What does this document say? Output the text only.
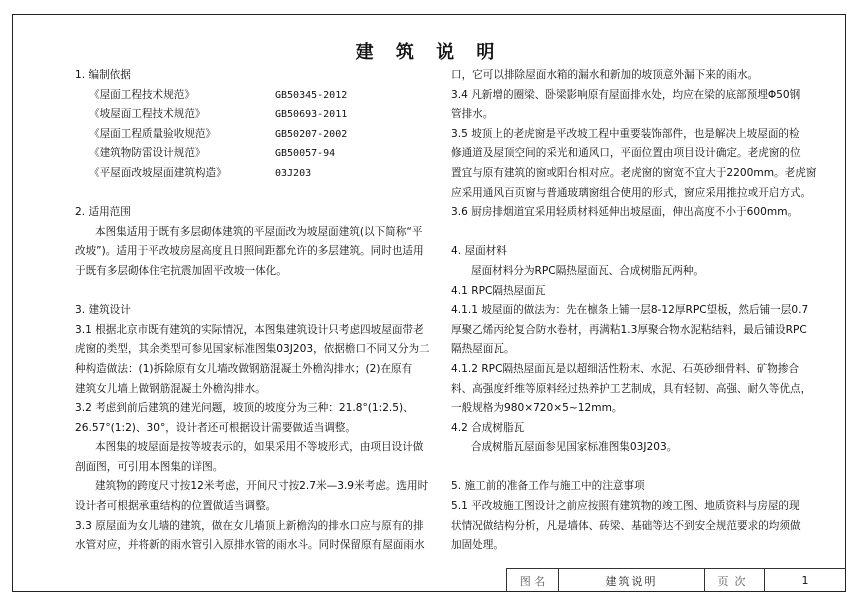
建 筑 说 明
1. 编制依据
《屋面工程技术规范》	GB50345-2012
《坡屋面工程技术规范》	GB50693-2011
《屋面工程质量验收规范》	GB50207-2002
《建筑物防雷设计规范》	GB50057-94
《平屋面改坡屋面建筑构造》	03J203
2. 适用范围
本图集适用于既有多层砌体建筑的平屋面改为坡屋面建筑(以下简称“平
改坡”)。适用于平改坡房屋高度且日照间距都允许的多层建筑。同时也适用
于既有多层砌体住宅抗震加固平改坡一体化。
3. 建筑设计
3.1 根据北京市既有建筑的实际情况，本图集建筑设计只考虑四坡屋面带老
虎窗的类型，其余类型可参见国家标准图集03J203，依据檐口不同又分为二
种构造做法：(1)拆除原有女儿墙改做钢筋混凝土外檐沟排水；(2)在原有
建筑女儿墙上做钢筋混凝土外檐沟排水。
3.2 考虑到前后建筑的建光问题，坡顶的坡度分为三种：21.8°(1:2.5)、
26.57°(1:2)、30°，设计者还可根据设计需要做适当调整。
本图集的坡屋面是按等坡表示的，如果采用不等坡形式，由项目设计做
剖面图，可引用本图集的详图。
建筑物的跨度尺寸按12米考虑，开间尺寸按2.7米—3.9米考虑。选用时
设计者可根据承重结构的位置做适当调整。
3.3 原屋面为女儿墙的建筑，做在女儿墙顶上新檐沟的排水口应与原有的排
水管对应，并将新的雨水管引入原排水管的雨水斗。同时保留原有屋面雨水
口，它可以排除屋面水箱的漏水和新加的坡顶意外漏下来的雨水。
3.4 凡新增的圈梁、卧梁影响原有屋面排水处，均应在梁的底部预埋Φ50钢
管排水。
3.5 坡顶上的老虎窗是平改坡工程中重要装饰部件，也是解决上坡屋面的检
修通道及屋顶空间的采光和通风口，平面位置由项目设计确定。老虎窗的位
置宜与原有建筑的窗或阳台相对应。老虎窗的窗宽不宜大于2200mm。老虎窗
应采用通风百页窗与普通玻璃窗组合使用的形式，窗应采用推拉或开启方式。
3.6 厨房排烟道宜采用轻质材料延伸出坡屋面，伸出高度不小于600mm。
4. 屋面材料
屋面材料分为RPC隔热屋面瓦、合成树脂瓦两种。
4.1 RPC隔热屋面瓦
4.1.1 坡屋面的做法为：先在檩条上铺一层8-12厚RPC望板，然后铺一层0.7
厚聚乙烯丙纶复合防水卷材，再满粘1.3厚聚合物水泥粘结料，最后铺设RPC
隔热屋面瓦。
4.1.2 RPC隔热屋面瓦是以超细活性粉末、水泥、石英砂细骨料、矿物掺合
料、高强度纤维等原料经过热养护工艺制成，具有轻韧、高强、耐久等优点，
一般规格为980×720×5~12mm。
4.2 合成树脂瓦
合成树脂瓦屋面参见国家标准图集03J203。
5. 施工前的准备工作与施工中的注意事项
5.1 平改坡施工图设计之前应按照有建筑物的竣工图、地质资料与房屋的现
状情况做结构分析，凡是墙体、砖梁、基础等达不到安全规范要求的均须做
加固处理。
图 名	建筑说明	页次	1
